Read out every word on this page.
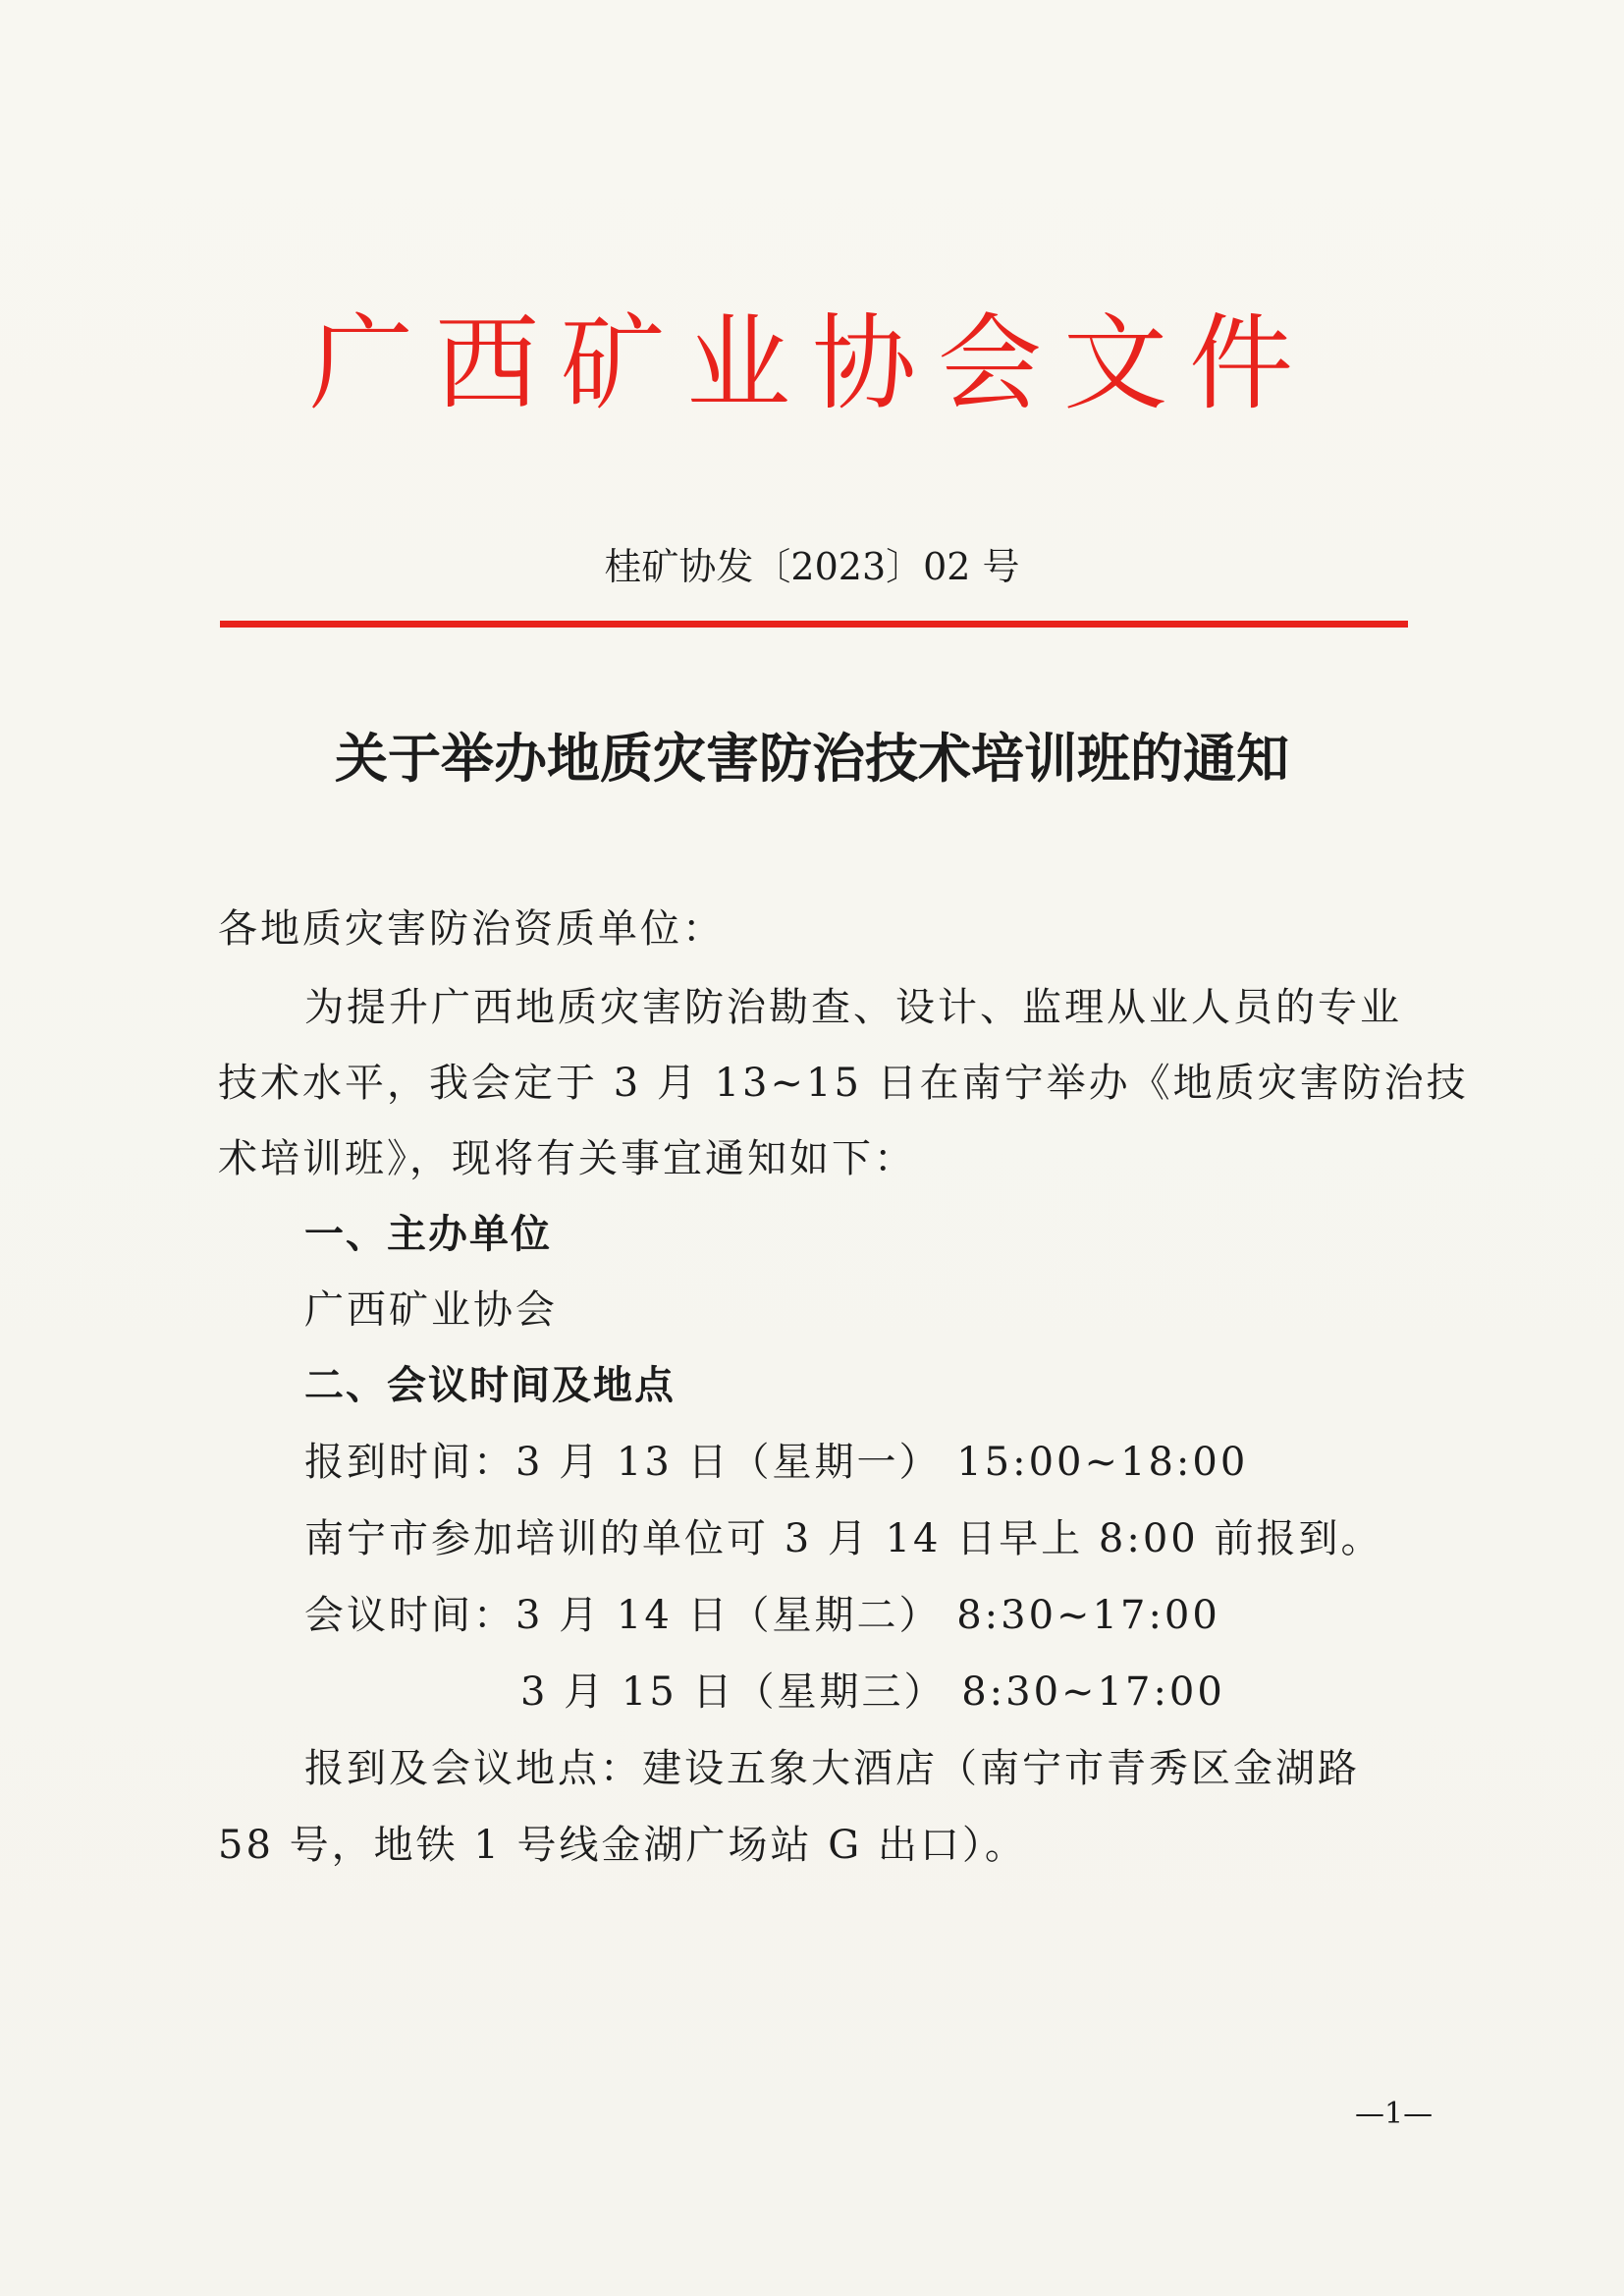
广西矿业协会文件
桂矿协发〔2023〕02 号
关于举办地质灾害防治技术培训班的通知
各地质灾害防治资质单位：
为提升广西地质灾害防治勘查、设计、监理从业人员的专业
技术水平，我会定于 3 月 13~15 日在南宁举办《地质灾害防治技
术培训班》，现将有关事宜通知如下：
一、主办单位
广西矿业协会
二、会议时间及地点
报到时间：3 月 13 日（星期一） 15:00~18:00
南宁市参加培训的单位可 3 月 14 日早上 8:00 前报到。
会议时间：3 月 14 日（星期二） 8:30~17:00
3 月 15 日（星期三） 8:30~17:00
报到及会议地点：建设五象大酒店（南宁市青秀区金湖路
58 号，地铁 1 号线金湖广场站 G 出口）。
—1—
